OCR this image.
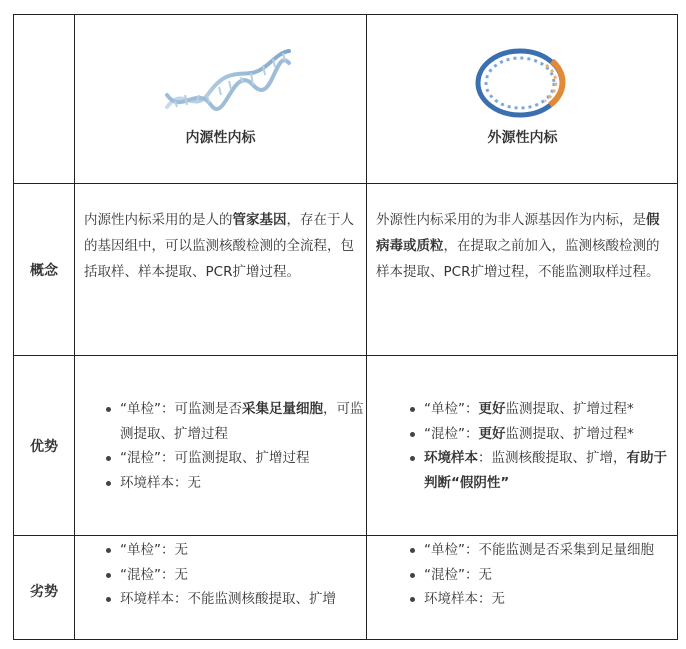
内源性内标	外源性内标
概念

内源性内标采用的是人的管家基因，存在于人的基因组中，可以监测核酸检测的全流程，包括取样、样本提取、PCR扩增过程。

外源性内标采用的为非人源基因作为内标，是假病毒或质粒，在提取之前加入，监测核酸检测的样本提取、PCR扩增过程，不能监测取样过程。

优势
“单检”：可监测是否采集足量细胞，可监测提取、扩增过程
“混检”：可监测提取、扩增过程
环境样本：无
“单检”：更好监测提取、扩增过程*
“混检”：更好监测提取、扩增过程*
环境样本：监测核酸提取、扩增，有助于判断“假阴性”
劣势
“单检”：无
“混检”：无
环境样本：不能监测核酸提取、扩增
“单检”：不能监测是否采集到足量细胞
“混检”：无
环境样本：无
